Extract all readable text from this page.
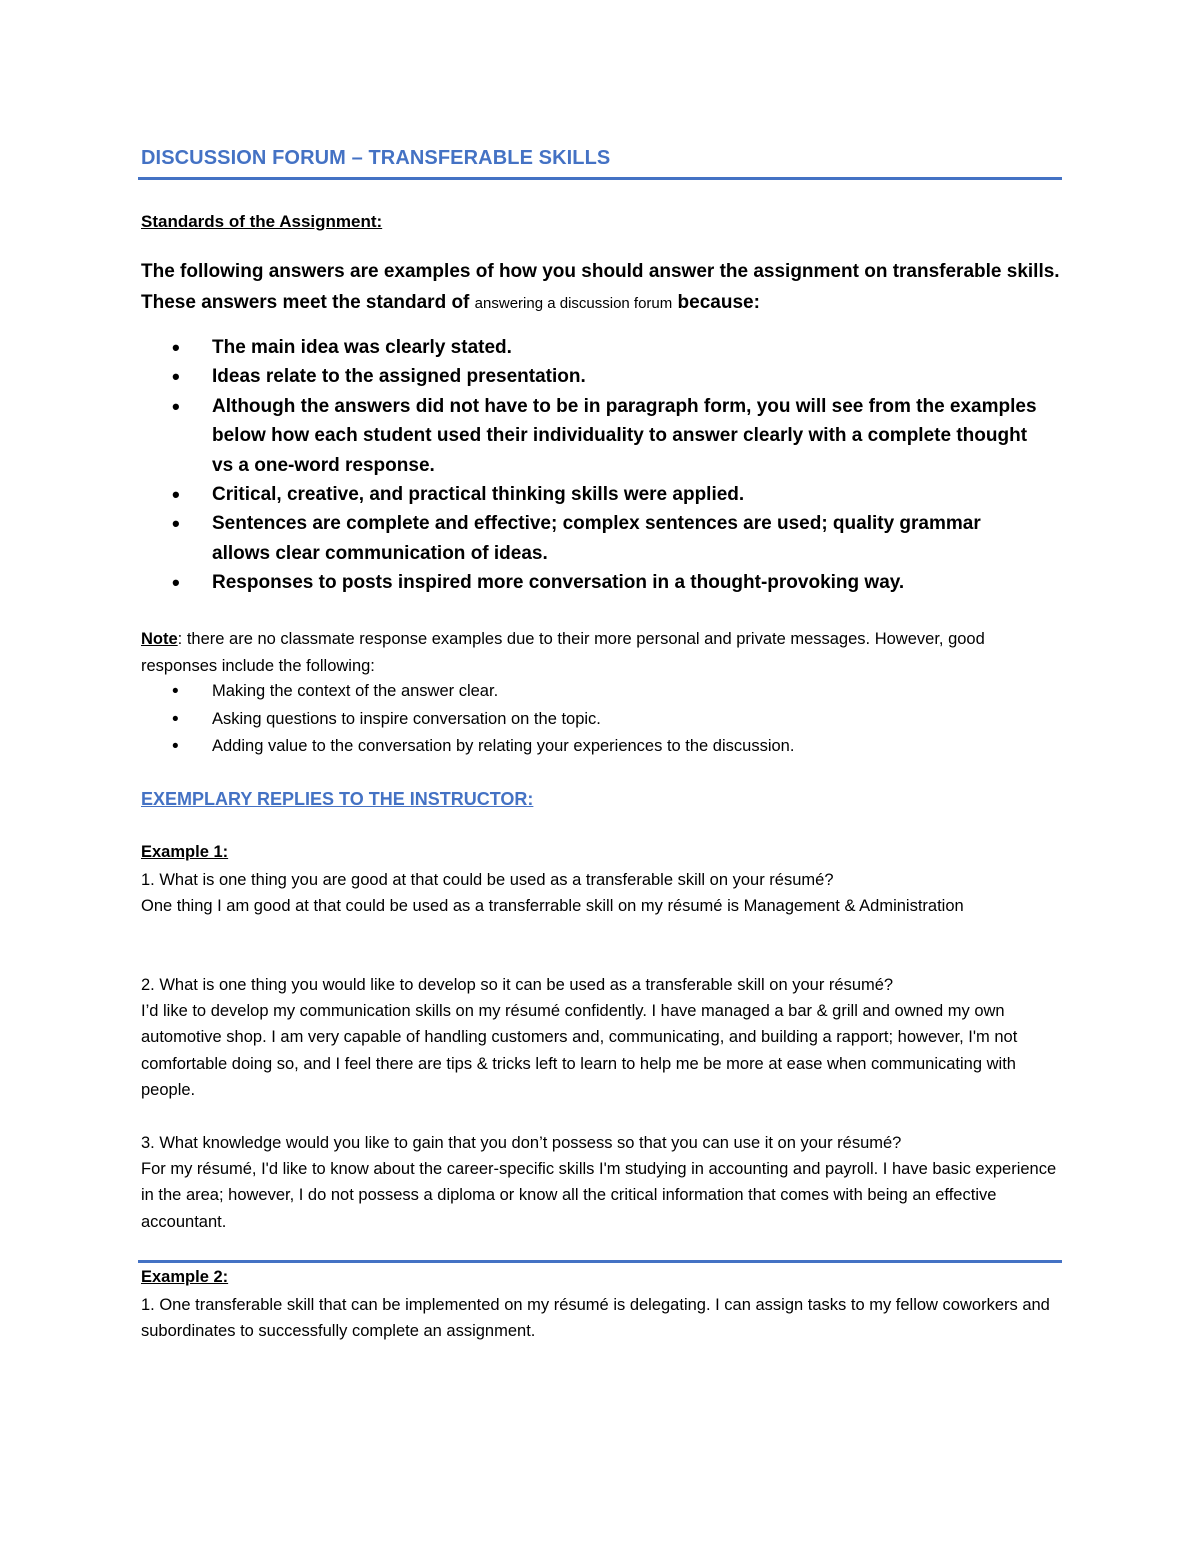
DISCUSSION FORUM – TRANSFERABLE SKILLS
Standards of the Assignment:
The following answers are examples of how you should answer the assignment on transferable skills. These answers meet the standard of answering a discussion forum because:
• The main idea was clearly stated.
• Ideas relate to the assigned presentation.
• Although the answers did not have to be in paragraph form, you will see from the examples below how each student used their individuality to answer clearly with a complete thought vs a one-word response.
• Critical, creative, and practical thinking skills were applied.
• Sentences are complete and effective; complex sentences are used; quality grammar allows clear communication of ideas.
• Responses to posts inspired more conversation in a thought-provoking way.
Note: there are no classmate response examples due to their more personal and private messages. However, good responses include the following:
• Making the context of the answer clear.
• Asking questions to inspire conversation on the topic.
• Adding value to the conversation by relating your experiences to the discussion.
EXEMPLARY REPLIES TO THE INSTRUCTOR:
Example 1:
1. What is one thing you are good at that could be used as a transferable skill on your résumé?
One thing I am good at that could be used as a transferrable skill on my résumé is Management & Administration
2. What is one thing you would like to develop so it can be used as a transferable skill on your résumé?
I’d like to develop my communication skills on my résumé confidently. I have managed a bar & grill and owned my own automotive shop. I am very capable of handling customers and, communicating, and building a rapport; however, I'm not comfortable doing so, and I feel there are tips & tricks left to learn to help me be more at ease when communicating with people.
3. What knowledge would you like to gain that you don’t possess so that you can use it on your résumé?
For my résumé, I'd like to know about the career-specific skills I'm studying in accounting and payroll. I have basic experience in the area; however, I do not possess a diploma or know all the critical information that comes with being an effective accountant.
Example 2:
1. One transferable skill that can be implemented on my résumé is delegating. I can assign tasks to my fellow coworkers and subordinates to successfully complete an assignment.
